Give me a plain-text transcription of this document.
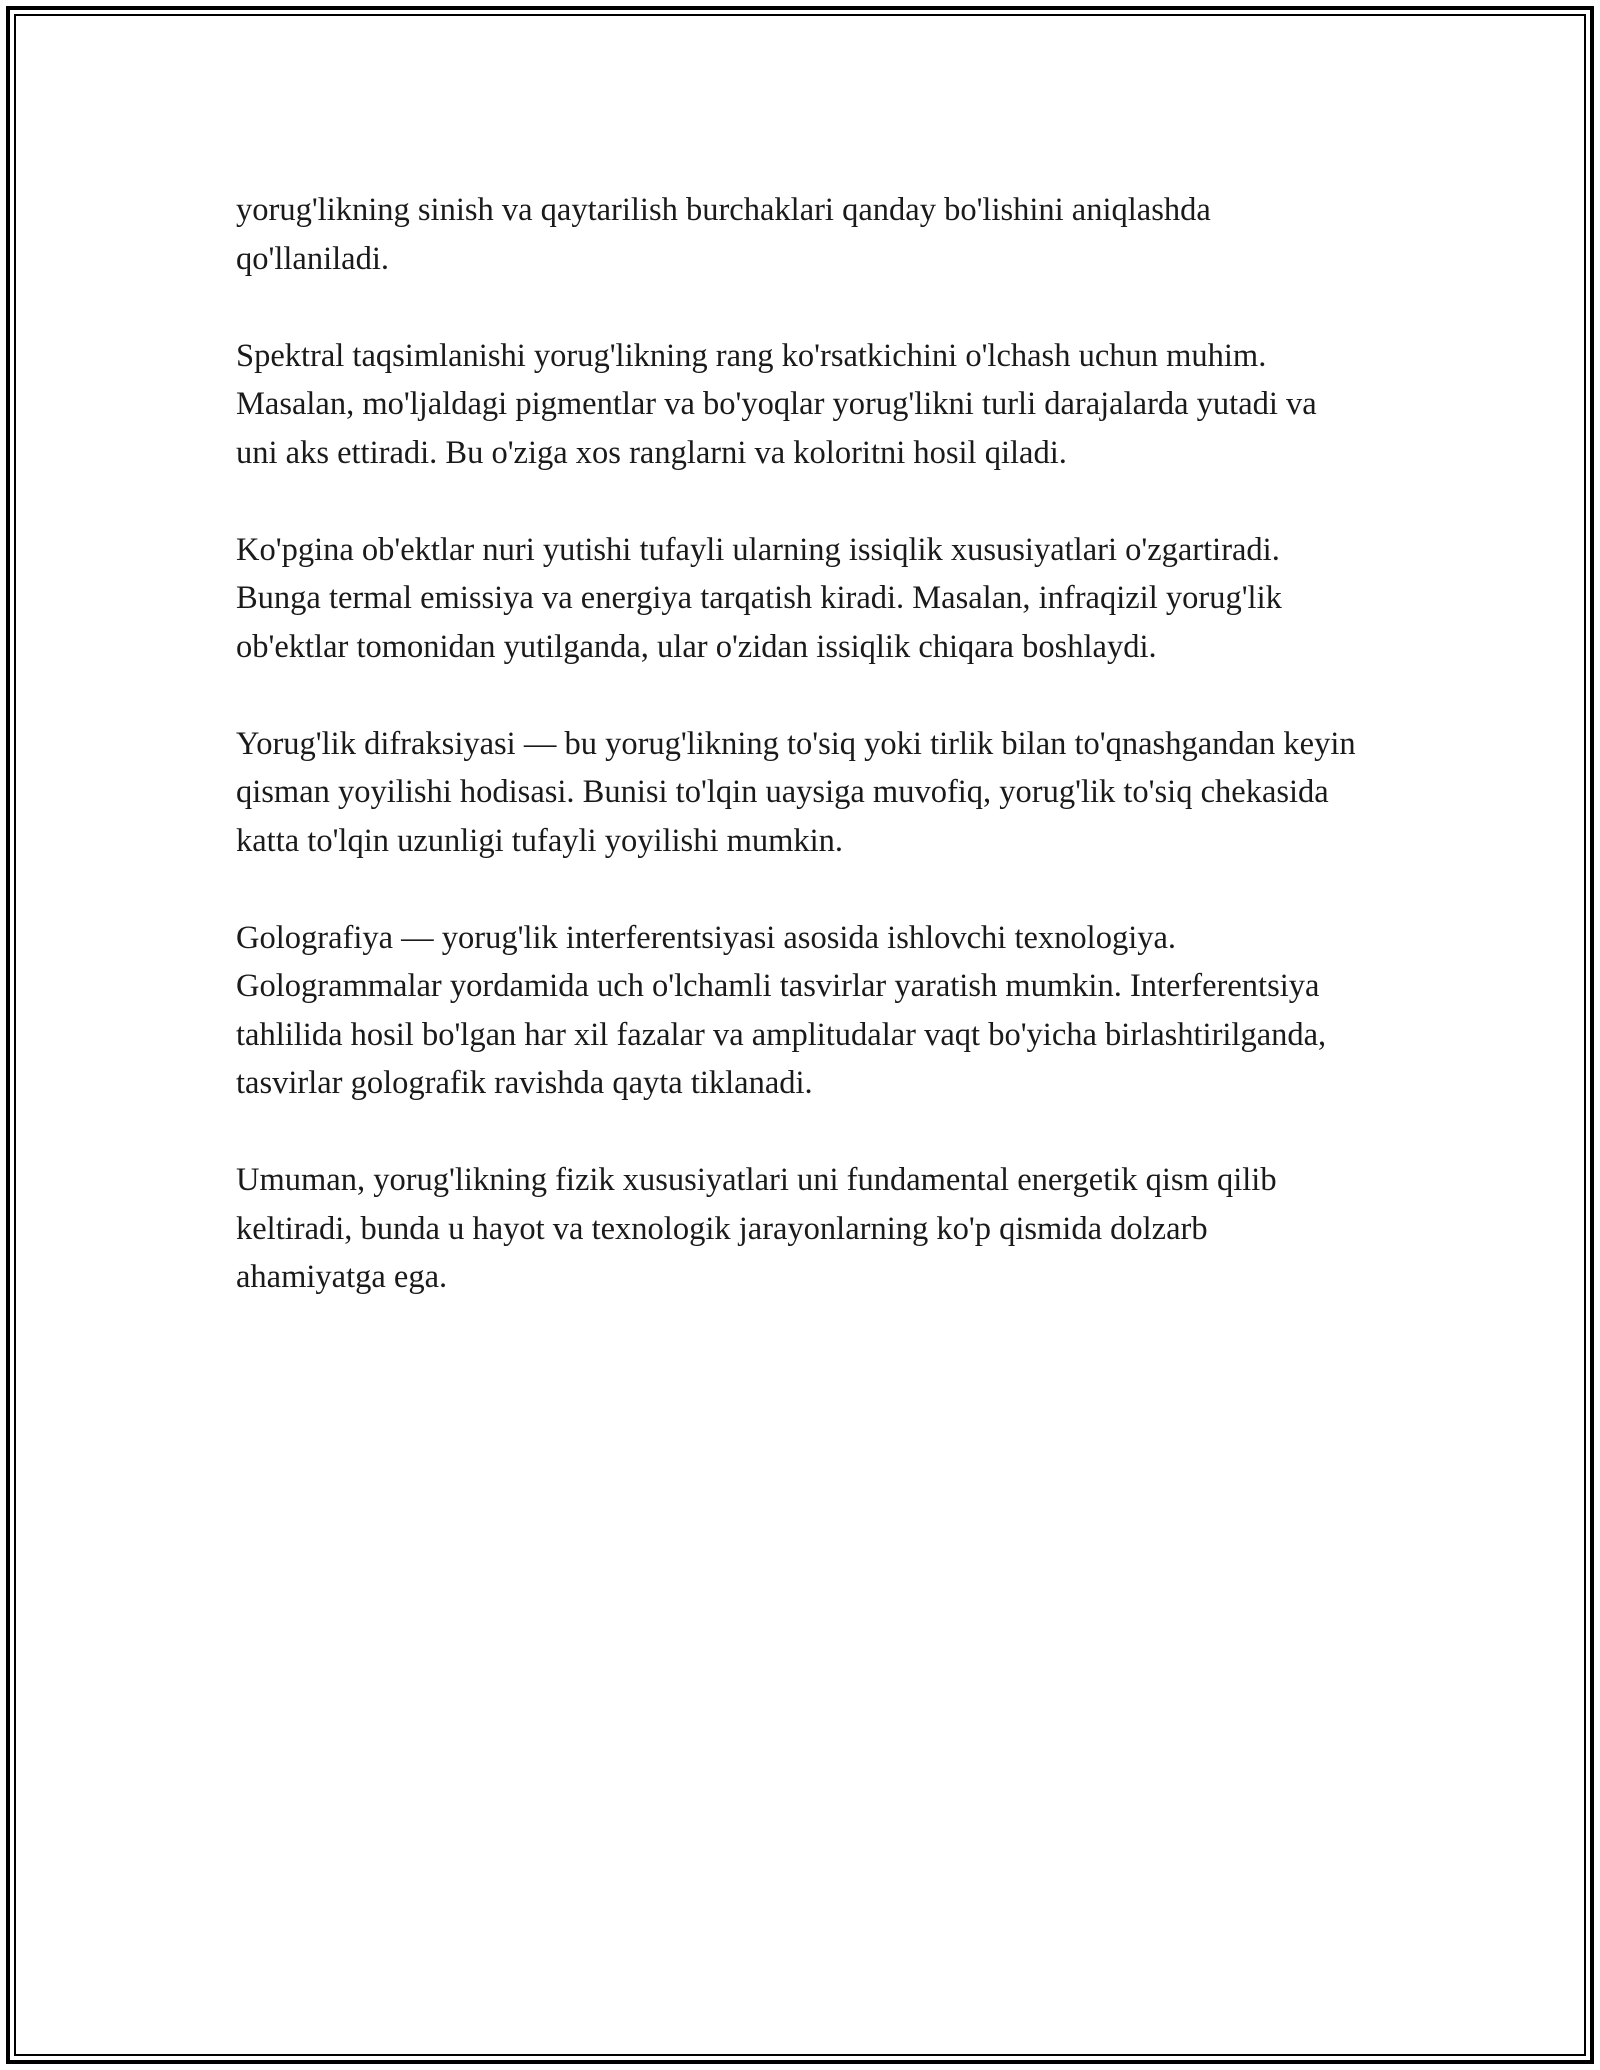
yorug'likning sinish va qaytarilish burchaklari qanday bo'lishini aniqlashda qo'llaniladi.

Spektral taqsimlanishi yorug'likning rang ko'rsatkichini o'lchash uchun muhim. Masalan, mo'ljaldagi pigmentlar va bo'yoqlar yorug'likni turli darajalarda yutadi va uni aks ettiradi. Bu o'ziga xos ranglarni va koloritni hosil qiladi.

Ko'pgina ob'ektlar nuri yutishi tufayli ularning issiqlik xususiyatlari o'zgartiradi. Bunga termal emissiya va energiya tarqatish kiradi. Masalan, infraqizil yorug'lik ob'ektlar tomonidan yutilganda, ular o'zidan issiqlik chiqara boshlaydi.

Yorug'lik difraksiyasi — bu yorug'likning to'siq yoki tirlik bilan to'qnashgandan keyin qisman yoyilishi hodisasi. Bunisi to'lqin uaysiga muvofiq, yorug'lik to'siq chekasida katta to'lqin uzunligi tufayli yoyilishi mumkin.

Golografiya — yorug'lik interferentsiyasi asosida ishlovchi texnologiya. Gologrammalar yordamida uch o'lchamli tasvirlar yaratish mumkin. Interferentsiya tahlilida hosil bo'lgan har xil fazalar va amplitudalar vaqt bo'yicha birlashtirilganda, tasvirlar golografik ravishda qayta tiklanadi.

Umuman, yorug'likning fizik xususiyatlari uni fundamental energetik qism qilib keltiradi, bunda u hayot va texnologik jarayonlarning ko'p qismida dolzarb ahamiyatga ega.
